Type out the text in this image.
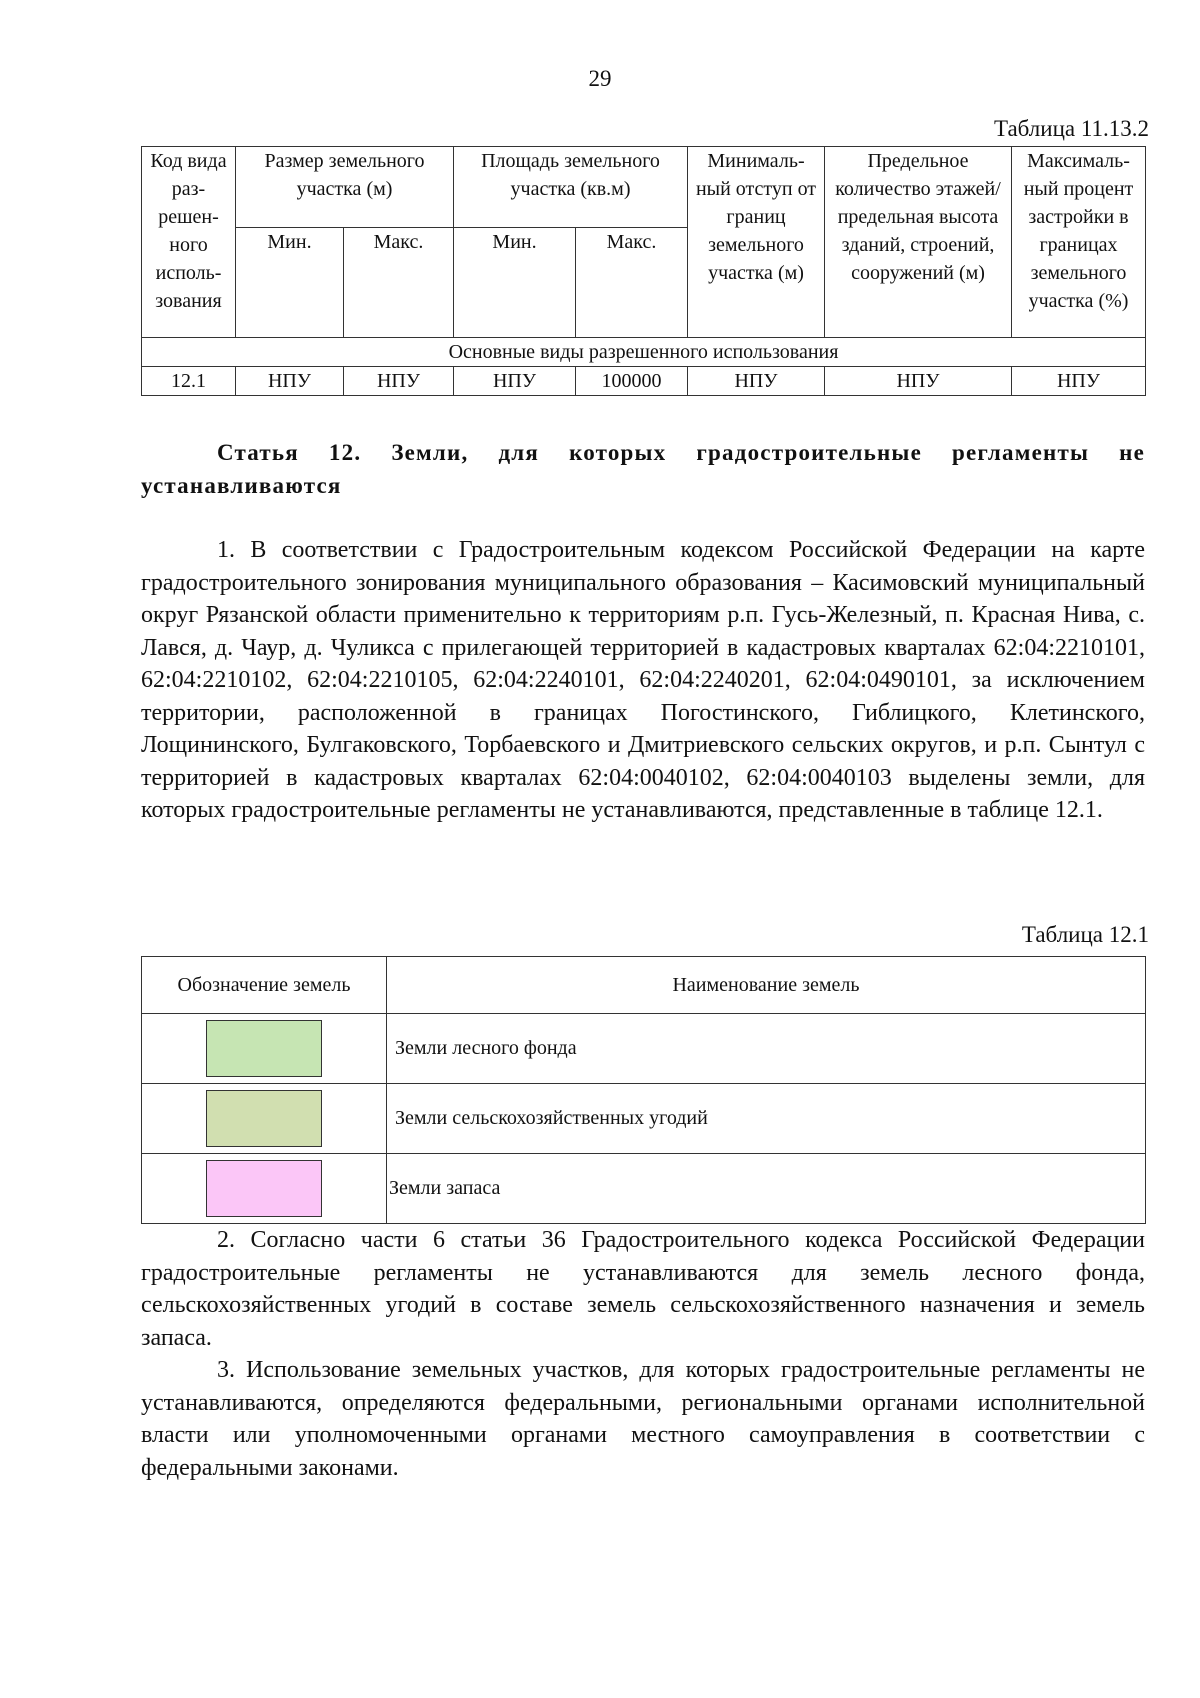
29
Таблица 11.13.2
Код вида раз- решен- ного исполь- зования	Размер земельного участка (м)		Площадь земельного участка (кв.м)		Минималь- ный отступ от границ земельного участка (м)	Предельное количество этажей/ предельная высота зданий, строений, сооружений (м)	Максималь- ный процент застройки в границах земельного участка (%)
	Мин.	Макс.	Мин.	Макс.			
Основные виды разрешенного использования							
12.1	НПУ	НПУ	НПУ	100000	НПУ	НПУ	НПУ
Статья 12. Земли, для которых градостроительные регламенты не устанавливаются

1. В соответствии с Градостроительным кодексом Российской Федерации на карте градостроительного зонирования муниципального образования – Касимовский муниципальный округ Рязанской области применительно к территориям р.п. Гусь-Железный, п. Красная Нива, с. Лався, д. Чаур, д. Чуликса с прилегающей территорией в кадастровых кварталах 62:04:2210101, 62:04:2210102, 62:04:2210105, 62:04:2240101, 62:04:2240201, 62:04:0490101, за исключением территории, расположенной в границах Погостинского, Гиблицкого, Клетинского, Лощининского, Булгаковского, Торбаевского и Дмитриевского сельских округов, и р.п. Сынтул с территорией в кадастровых кварталах 62:04:0040102, 62:04:0040103 выделены земли, для которых градостроительные регламенты не устанавливаются, представленные в таблице 12.1.

Таблица 12.1
Обозначение земель	Наименование земель

	Земли лесного фонда

	Земли сельскохозяйственных угодий

	Земли запаса

2. Согласно части 6 статьи 36 Градостроительного кодекса Российской Федерации градостроительные регламенты не устанавливаются для земель лесного фонда, сельскохозяйственных угодий в составе земель сельскохозяйственного назначения и земель запаса.

3. Использование земельных участков, для которых градостроительные регламенты не устанавливаются, определяются федеральными, региональными органами исполнительной власти или уполномоченными органами местного самоуправления в соответствии с федеральными законами.
